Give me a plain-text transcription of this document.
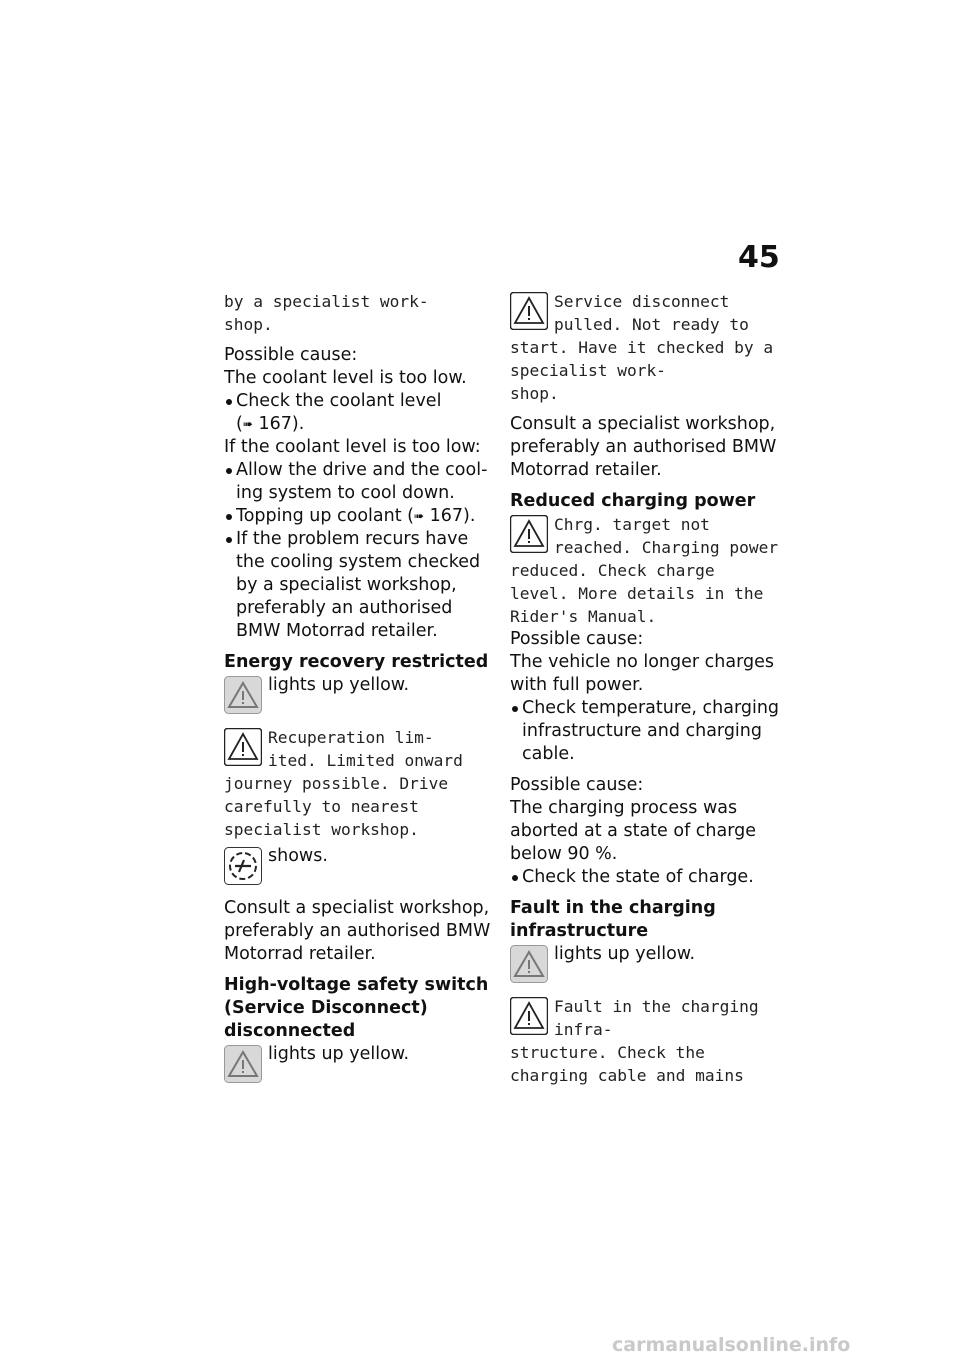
45

by a specialist work-
shop.

Possible cause:

The coolant level is too low.

Check the coolant level
(➠ 167).

If the coolant level is too low:

Allow the drive and the cool-ing system to cool down.

Topping up coolant (➠ 167).

If the problem recurs have the cooling system checked by a specialist workshop, preferably an authorised BMW Motorrad retailer.

Energy recovery restricted

lights up yellow.

Recuperation lim-
ited. Limited onward journey possible. Drive carefully to nearest specialist workshop.

shows.

Consult a specialist workshop, preferably an authorised BMW Motorrad retailer.

High-voltage safety switch (Service Disconnect) disconnected

lights up yellow.

Service disconnect pulled. Not ready to start. Have it checked by a specialist work-
shop.

Consult a specialist workshop, preferably an authorised BMW Motorrad retailer.

Reduced charging power

Chrg. target not reached. Charging power reduced. Check charge level. More details in the Rider's Manual.

Possible cause:

The vehicle no longer charges with full power.

Check temperature, charging infrastructure and charging cable.

Possible cause:

The charging process was aborted at a state of charge below 90 %.

Check the state of charge.

Fault in the charging infrastructure

lights up yellow.

Fault in the charging infra-
structure. Check the charging cable and mains

carmanualsonline.info
